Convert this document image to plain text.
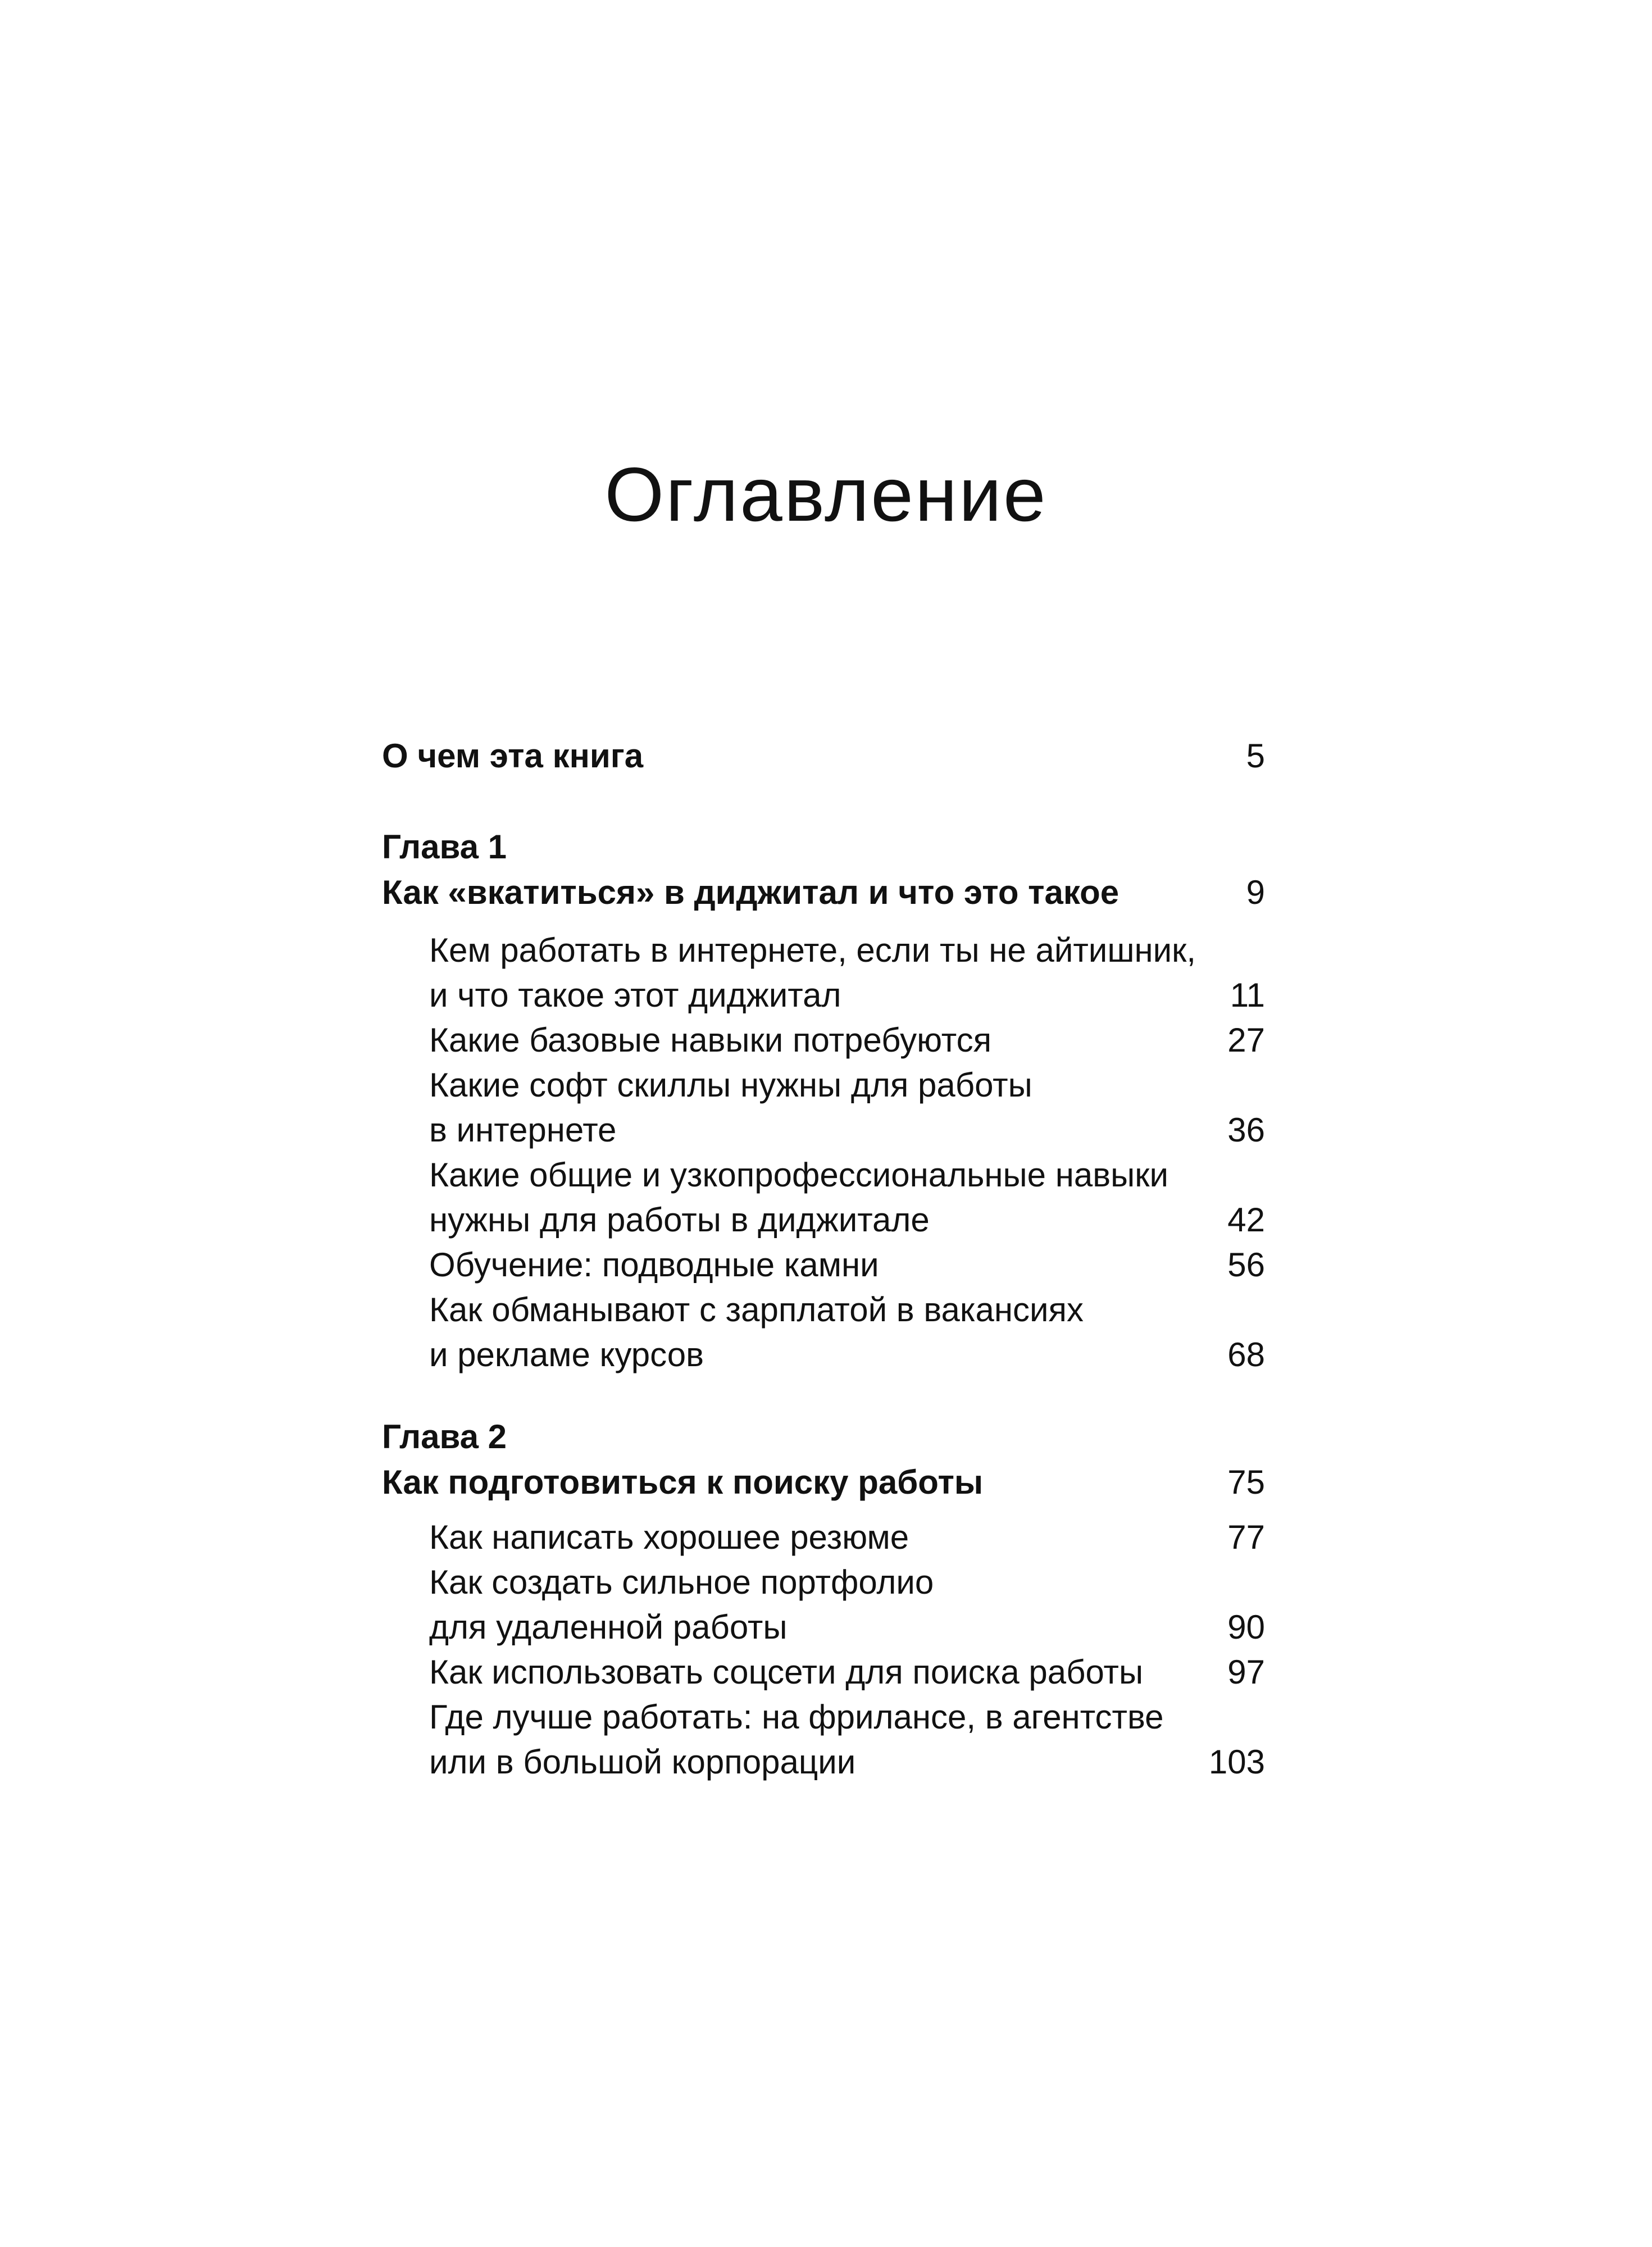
Оглавление
О чем эта книга	5
Глава 1
Как «вкатиться» в диджитал и что это такое	9
Кем работать в интернете, если ты не айтишник,
и что такое этот диджитал	11
Какие базовые навыки потребуются	27
Какие софт скиллы нужны для работы
в интернете	36
Какие общие и узкопрофессиональные навыки
нужны для работы в диджитале	42
Обучение: подводные камни	56
Как обманывают с зарплатой в вакансиях
и рекламе курсов	68
Глава 2
Как подготовиться к поиску работы	75
Как написать хорошее резюме	77
Как создать сильное портфолио
для удаленной работы	90
Как использовать соцсети для поиска работы	97
Где лучше работать: на фрилансе, в агентстве
или в большой корпорации	103
